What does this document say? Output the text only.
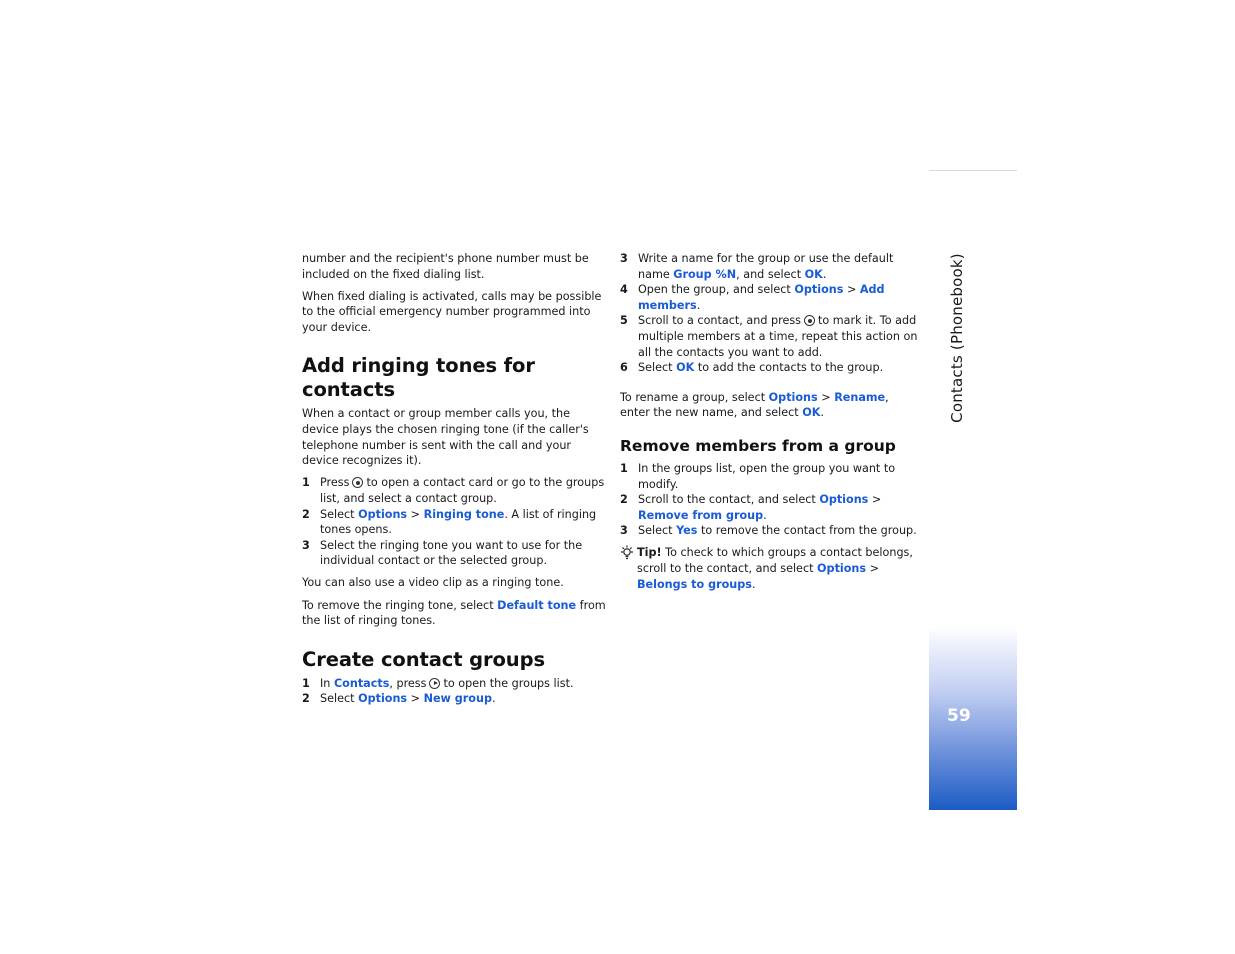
Contacts (Phonebook)
59

number and the recipient's phone number must be included on the fixed dialing list.

When fixed dialing is activated, calls may be possible to the official emergency number programmed into your device.

Add ringing tones for contacts

When a contact or group member calls you, the device plays the chosen ringing tone (if the caller's telephone number is sent with the call and your device recognizes it).

1 Press to open a contact card or go to the groups list, and select a contact group.
2 Select Options > Ringing tone. A list of ringing tones opens.
3 Select the ringing tone you want to use for the individual contact or the selected group.

You can also use a video clip as a ringing tone.

To remove the ringing tone, select Default tone from the list of ringing tones.

Create contact groups
1 In Contacts, press to open the groups list.
2 Select Options > New group.
3 Write a name for the group or use the default name Group %N, and select OK.
4 Open the group, and select Options > Add members.
5 Scroll to a contact, and press to mark it. To add multiple members at a time, repeat this action on all the contacts you want to add.
6 Select OK to add the contacts to the group.

To rename a group, select Options > Rename, enter the new name, and select OK.

Remove members from a group
1 In the groups list, open the group you want to modify.
2 Scroll to the contact, and select Options > Remove from group.
3 Select Yes to remove the contact from the group.

Tip! To check to which groups a contact belongs, scroll to the contact, and select Options > Belongs to groups.
